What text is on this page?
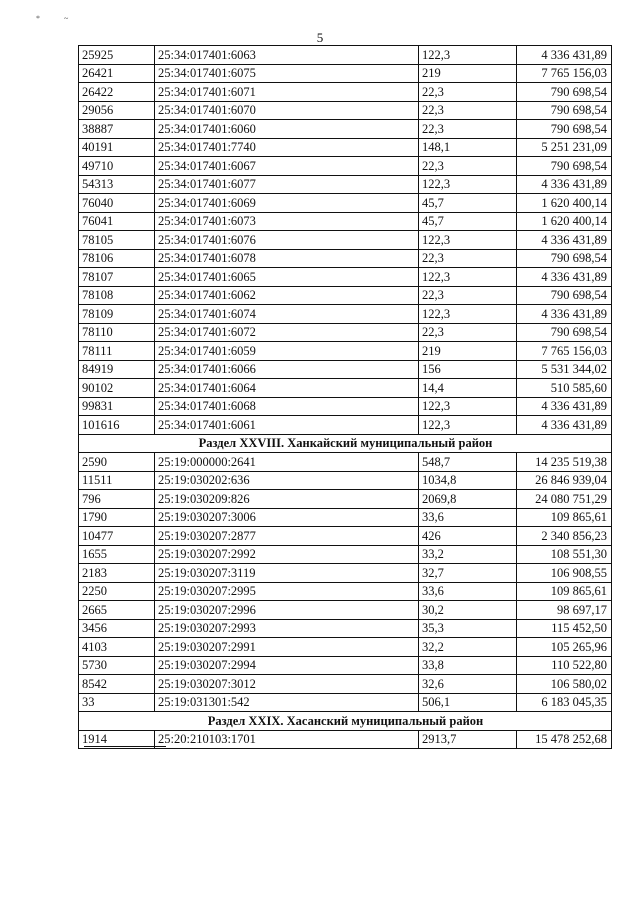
*	~
5
25925	25:34:017401:6063	122,3	4 336 431,89
26421	25:34:017401:6075	219	7 765 156,03
26422	25:34:017401:6071	22,3	790 698,54
29056	25:34:017401:6070	22,3	790 698,54
38887	25:34:017401:6060	22,3	790 698,54
40191	25:34:017401:7740	148,1	5 251 231,09
49710	25:34:017401:6067	22,3	790 698,54
54313	25:34:017401:6077	122,3	4 336 431,89
76040	25:34:017401:6069	45,7	1 620 400,14
76041	25:34:017401:6073	45,7	1 620 400,14
78105	25:34:017401:6076	122,3	4 336 431,89
78106	25:34:017401:6078	22,3	790 698,54
78107	25:34:017401:6065	122,3	4 336 431,89
78108	25:34:017401:6062	22,3	790 698,54
78109	25:34:017401:6074	122,3	4 336 431,89
78110	25:34:017401:6072	22,3	790 698,54
78111	25:34:017401:6059	219	7 765 156,03
84919	25:34:017401:6066	156	5 531 344,02
90102	25:34:017401:6064	14,4	510 585,60
99831	25:34:017401:6068	122,3	4 336 431,89
101616	25:34:017401:6061	122,3	4 336 431,89
Раздел XXVIII. Ханкайский муниципальный район			
2590	25:19:000000:2641	548,7	14 235 519,38
11511	25:19:030202:636	1034,8	26 846 939,04
796	25:19:030209:826	2069,8	24 080 751,29
1790	25:19:030207:3006	33,6	109 865,61
10477	25:19:030207:2877	426	2 340 856,23
1655	25:19:030207:2992	33,2	108 551,30
2183	25:19:030207:3119	32,7	106 908,55
2250	25:19:030207:2995	33,6	109 865,61
2665	25:19:030207:2996	30,2	98 697,17
3456	25:19:030207:2993	35,3	115 452,50
4103	25:19:030207:2991	32,2	105 265,96
5730	25:19:030207:2994	33,8	110 522,80
8542	25:19:030207:3012	32,6	106 580,02
33	25:19:031301:542	506,1	6 183 045,35
Раздел XXIX. Хасанский муниципальный район			
1914	25:20:210103:1701	2913,7	15 478 252,68
